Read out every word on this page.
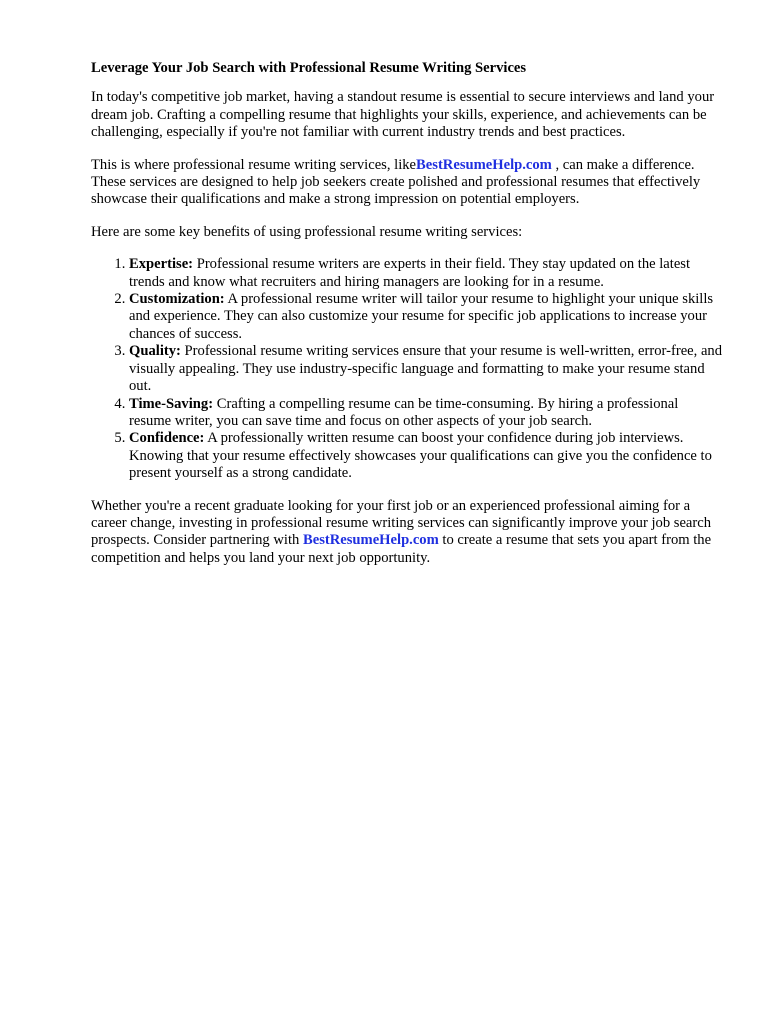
Leverage Your Job Search with Professional Resume Writing Services

In today's competitive job market, having a standout resume is essential to secure interviews and land your dream job. Crafting a compelling resume that highlights your skills, experience, and achievements can be challenging, especially if you're not familiar with current industry trends and best practices.

This is where professional resume writing services, likeBestResumeHelp.com , can make a difference. These services are designed to help job seekers create polished and professional resumes that effectively showcase their qualifications and make a strong impression on potential employers.

Here are some key benefits of using professional resume writing services:

1. Expertise: Professional resume writers are experts in their field. They stay updated on the latest trends and know what recruiters and hiring managers are looking for in a resume.
2. Customization: A professional resume writer will tailor your resume to highlight your unique skills and experience. They can also customize your resume for specific job applications to increase your chances of success.
3. Quality: Professional resume writing services ensure that your resume is well-written, error-free, and visually appealing. They use industry-specific language and formatting to make your resume stand out.
4. Time-Saving: Crafting a compelling resume can be time-consuming. By hiring a professional resume writer, you can save time and focus on other aspects of your job search.
5. Confidence: A professionally written resume can boost your confidence during job interviews. Knowing that your resume effectively showcases your qualifications can give you the confidence to present yourself as a strong candidate.

Whether you're a recent graduate looking for your first job or an experienced professional aiming for a career change, investing in professional resume writing services can significantly improve your job search prospects. Consider partnering with BestResumeHelp.com to create a resume that sets you apart from the competition and helps you land your next job opportunity.
